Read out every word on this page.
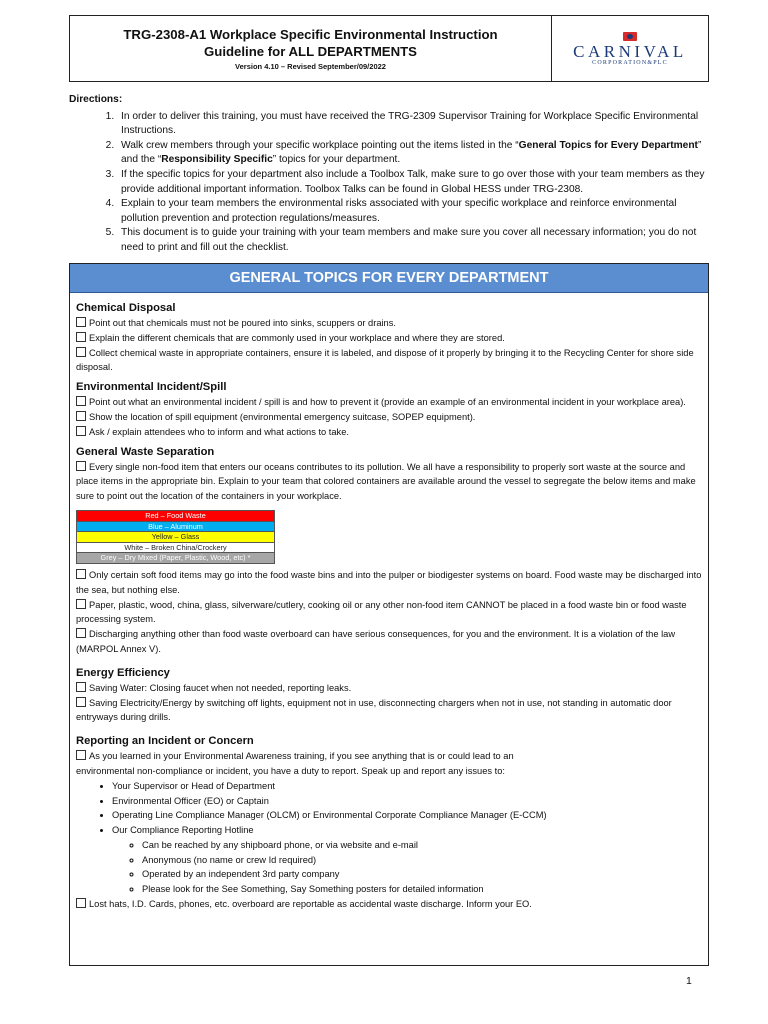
TRG-2308-A1 Workplace Specific Environmental Instruction
Guideline for ALL DEPARTMENTS
Version 4.10 – Revised September/09/2022
CARNIVAL
CORPORATION&PLC
Directions:
1. In order to deliver this training, you must have received the TRG-2309 Supervisor Training for Workplace Specific Environmental Instructions.
2. Walk crew members through your specific workplace pointing out the items listed in the “General Topics for Every Department” and the “Responsibility Specific” topics for your department.
3. If the specific topics for your department also include a Toolbox Talk, make sure to go over those with your team members as they provide additional important information. Toolbox Talks can be found in Global HESS under TRG-2308.
4. Explain to your team members the environmental risks associated with your specific workplace and reinforce environmental pollution prevention and protection regulations/measures.
5. This document is to guide your training with your team members and make sure you cover all necessary information; you do not need to print and fill out the checklist.
GENERAL TOPICS FOR EVERY DEPARTMENT
Chemical Disposal

Point out that chemicals must not be poured into sinks, scuppers or drains.

Explain the different chemicals that are commonly used in your workplace and where they are stored.

Collect chemical waste in appropriate containers, ensure it is labeled, and dispose of it properly by bringing it to the Recycling Center for shore side disposal.

Environmental Incident/Spill

Point out what an environmental incident / spill is and how to prevent it (provide an example of an environmental incident in your workplace area).

Show the location of spill equipment (environmental emergency suitcase, SOPEP equipment).

Ask / explain attendees who to inform and what actions to take.

General Waste Separation

Every single non-food item that enters our oceans contributes to its pollution. We all have a responsibility to properly sort waste at the source and place items in the appropriate bin. Explain to your team that colored containers are available around the vessel to segregate the below items and make sure to point out the location of the containers in your workplace.

Red – Food Waste
Blue – Aluminum
Yellow – Glass
White – Broken China/Crockery
Grey – Dry Mixed (Paper, Plastic, Wood, etc) *

Only certain soft food items may go into the food waste bins and into the pulper or biodigester systems on board. Food waste may be discharged into the sea, but nothing else.

Paper, plastic, wood, china, glass, silverware/cutlery, cooking oil or any other non-food item CANNOT be placed in a food waste bin or food waste processing system.

Discharging anything other than food waste overboard can have serious consequences, for you and the environment. It is a violation of the law (MARPOL Annex V).

Energy Efficiency

Saving Water: Closing faucet when not needed, reporting leaks.

Saving Electricity/Energy by switching off lights, equipment not in use, disconnecting chargers when not in use, not standing in automatic door entryways during drills.

Reporting an Incident or Concern

As you learned in your Environmental Awareness training, if you see anything that is or could lead to an
environmental non-compliance or incident, you have a duty to report. Speak up and report any issues to:

• Your Supervisor or Head of Department
• Environmental Officer (EO) or Captain
• Operating Line Compliance Manager (OLCM) or Environmental Corporate Compliance Manager (E-CCM)
• Our Compliance Reporting Hotline
◦ Can be reached by any shipboard phone, or via website and e-mail
◦ Anonymous (no name or crew Id required)
◦ Operated by an independent 3rd party company
◦ Please look for the See Something, Say Something posters for detailed information

Lost hats, I.D. Cards, phones, etc. overboard are reportable as accidental waste discharge. Inform your EO.

1
